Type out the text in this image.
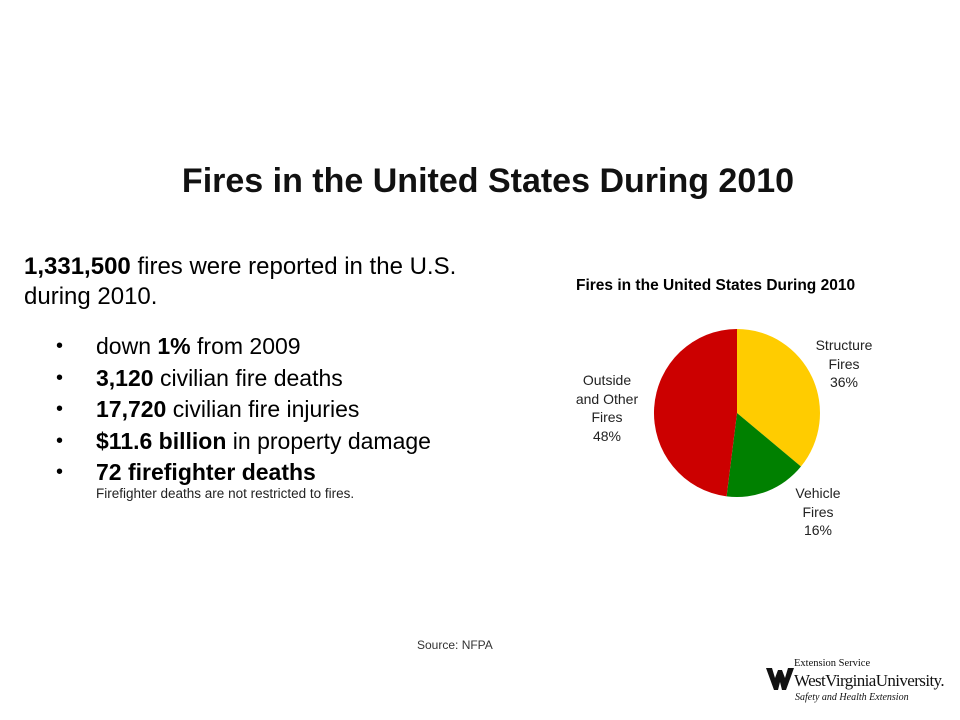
Fires in the United States During 2010
1,331,500 fires were reported in the U.S. during 2010.
• down 1% from 2009
• 3,120 civilian fire deaths
• 17,720 civilian fire injuries
• $11.6 billion in property damage
• 72 firefighter deaths
Firefighter deaths are not restricted to fires.
Fires in the United States During 2010
Structure
Fires
36%
Vehicle
Fires
16%
Outside
and Other
Fires
48%
Source: NFPA
Extension Service
WestVirginiaUniversity.
Safety and Health Extension
